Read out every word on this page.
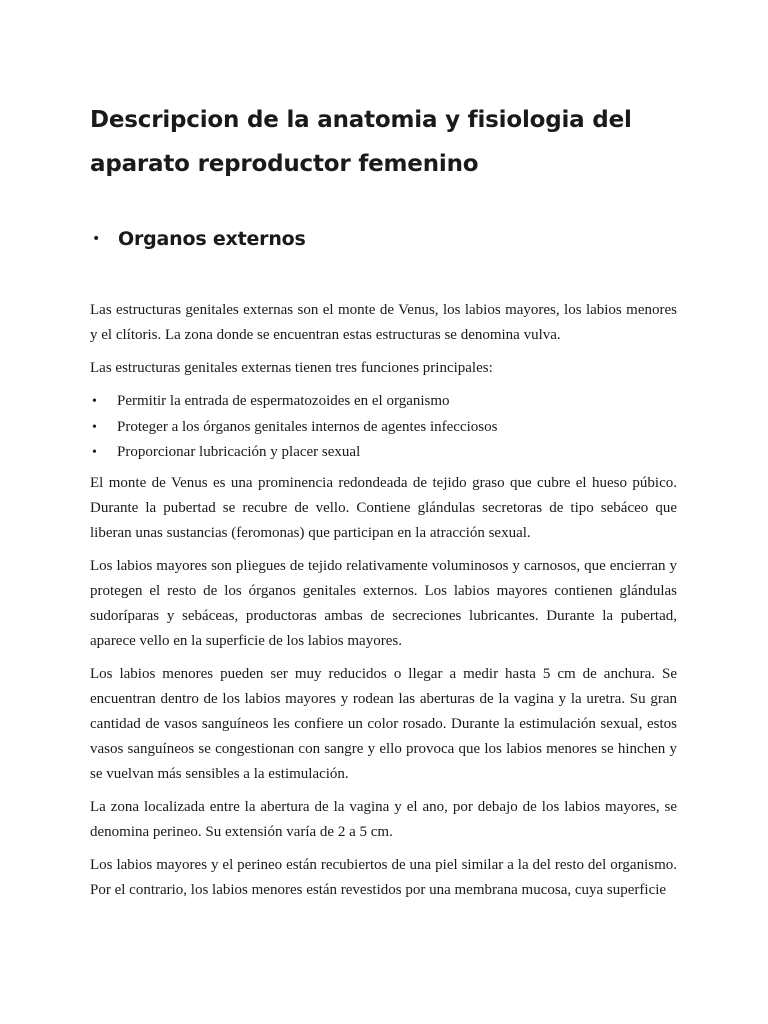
Descripcion de la anatomia y fisiologia del aparato reproductor femenino
• Organos externos

Las estructuras genitales externas son el monte de Venus, los labios mayores, los labios menores y el clítoris. La zona donde se encuentran estas estructuras se denomina vulva.

Las estructuras genitales externas tienen tres funciones principales:

•	Permitir la entrada de espermatozoides en el organismo
•	Proteger a los órganos genitales internos de agentes infecciosos
•	Proporcionar lubricación y placer sexual

El monte de Venus es una prominencia redondeada de tejido graso que cubre el hueso púbico. Durante la pubertad se recubre de vello. Contiene glándulas secretoras de tipo sebáceo que liberan unas sustancias (feromonas) que participan en la atracción sexual.

Los labios mayores son pliegues de tejido relativamente voluminosos y carnosos, que encierran y protegen el resto de los órganos genitales externos. Los labios mayores contienen glándulas sudoríparas y sebáceas, productoras ambas de secreciones lubricantes. Durante la pubertad, aparece vello en la superficie de los labios mayores.

Los labios menores pueden ser muy reducidos o llegar a medir hasta 5 cm de anchura. Se encuentran dentro de los labios mayores y rodean las aberturas de la vagina y la uretra. Su gran cantidad de vasos sanguíneos les confiere un color rosado. Durante la estimulación sexual, estos vasos sanguíneos se congestionan con sangre y ello provoca que los labios menores se hinchen y se vuelvan más sensibles a la estimulación.

La zona localizada entre la abertura de la vagina y el ano, por debajo de los labios mayores, se denomina perineo. Su extensión varía de 2 a 5 cm.

Los labios mayores y el perineo están recubiertos de una piel similar a la del resto del organismo. Por el contrario, los labios menores están revestidos por una membrana mucosa, cuya superficie
